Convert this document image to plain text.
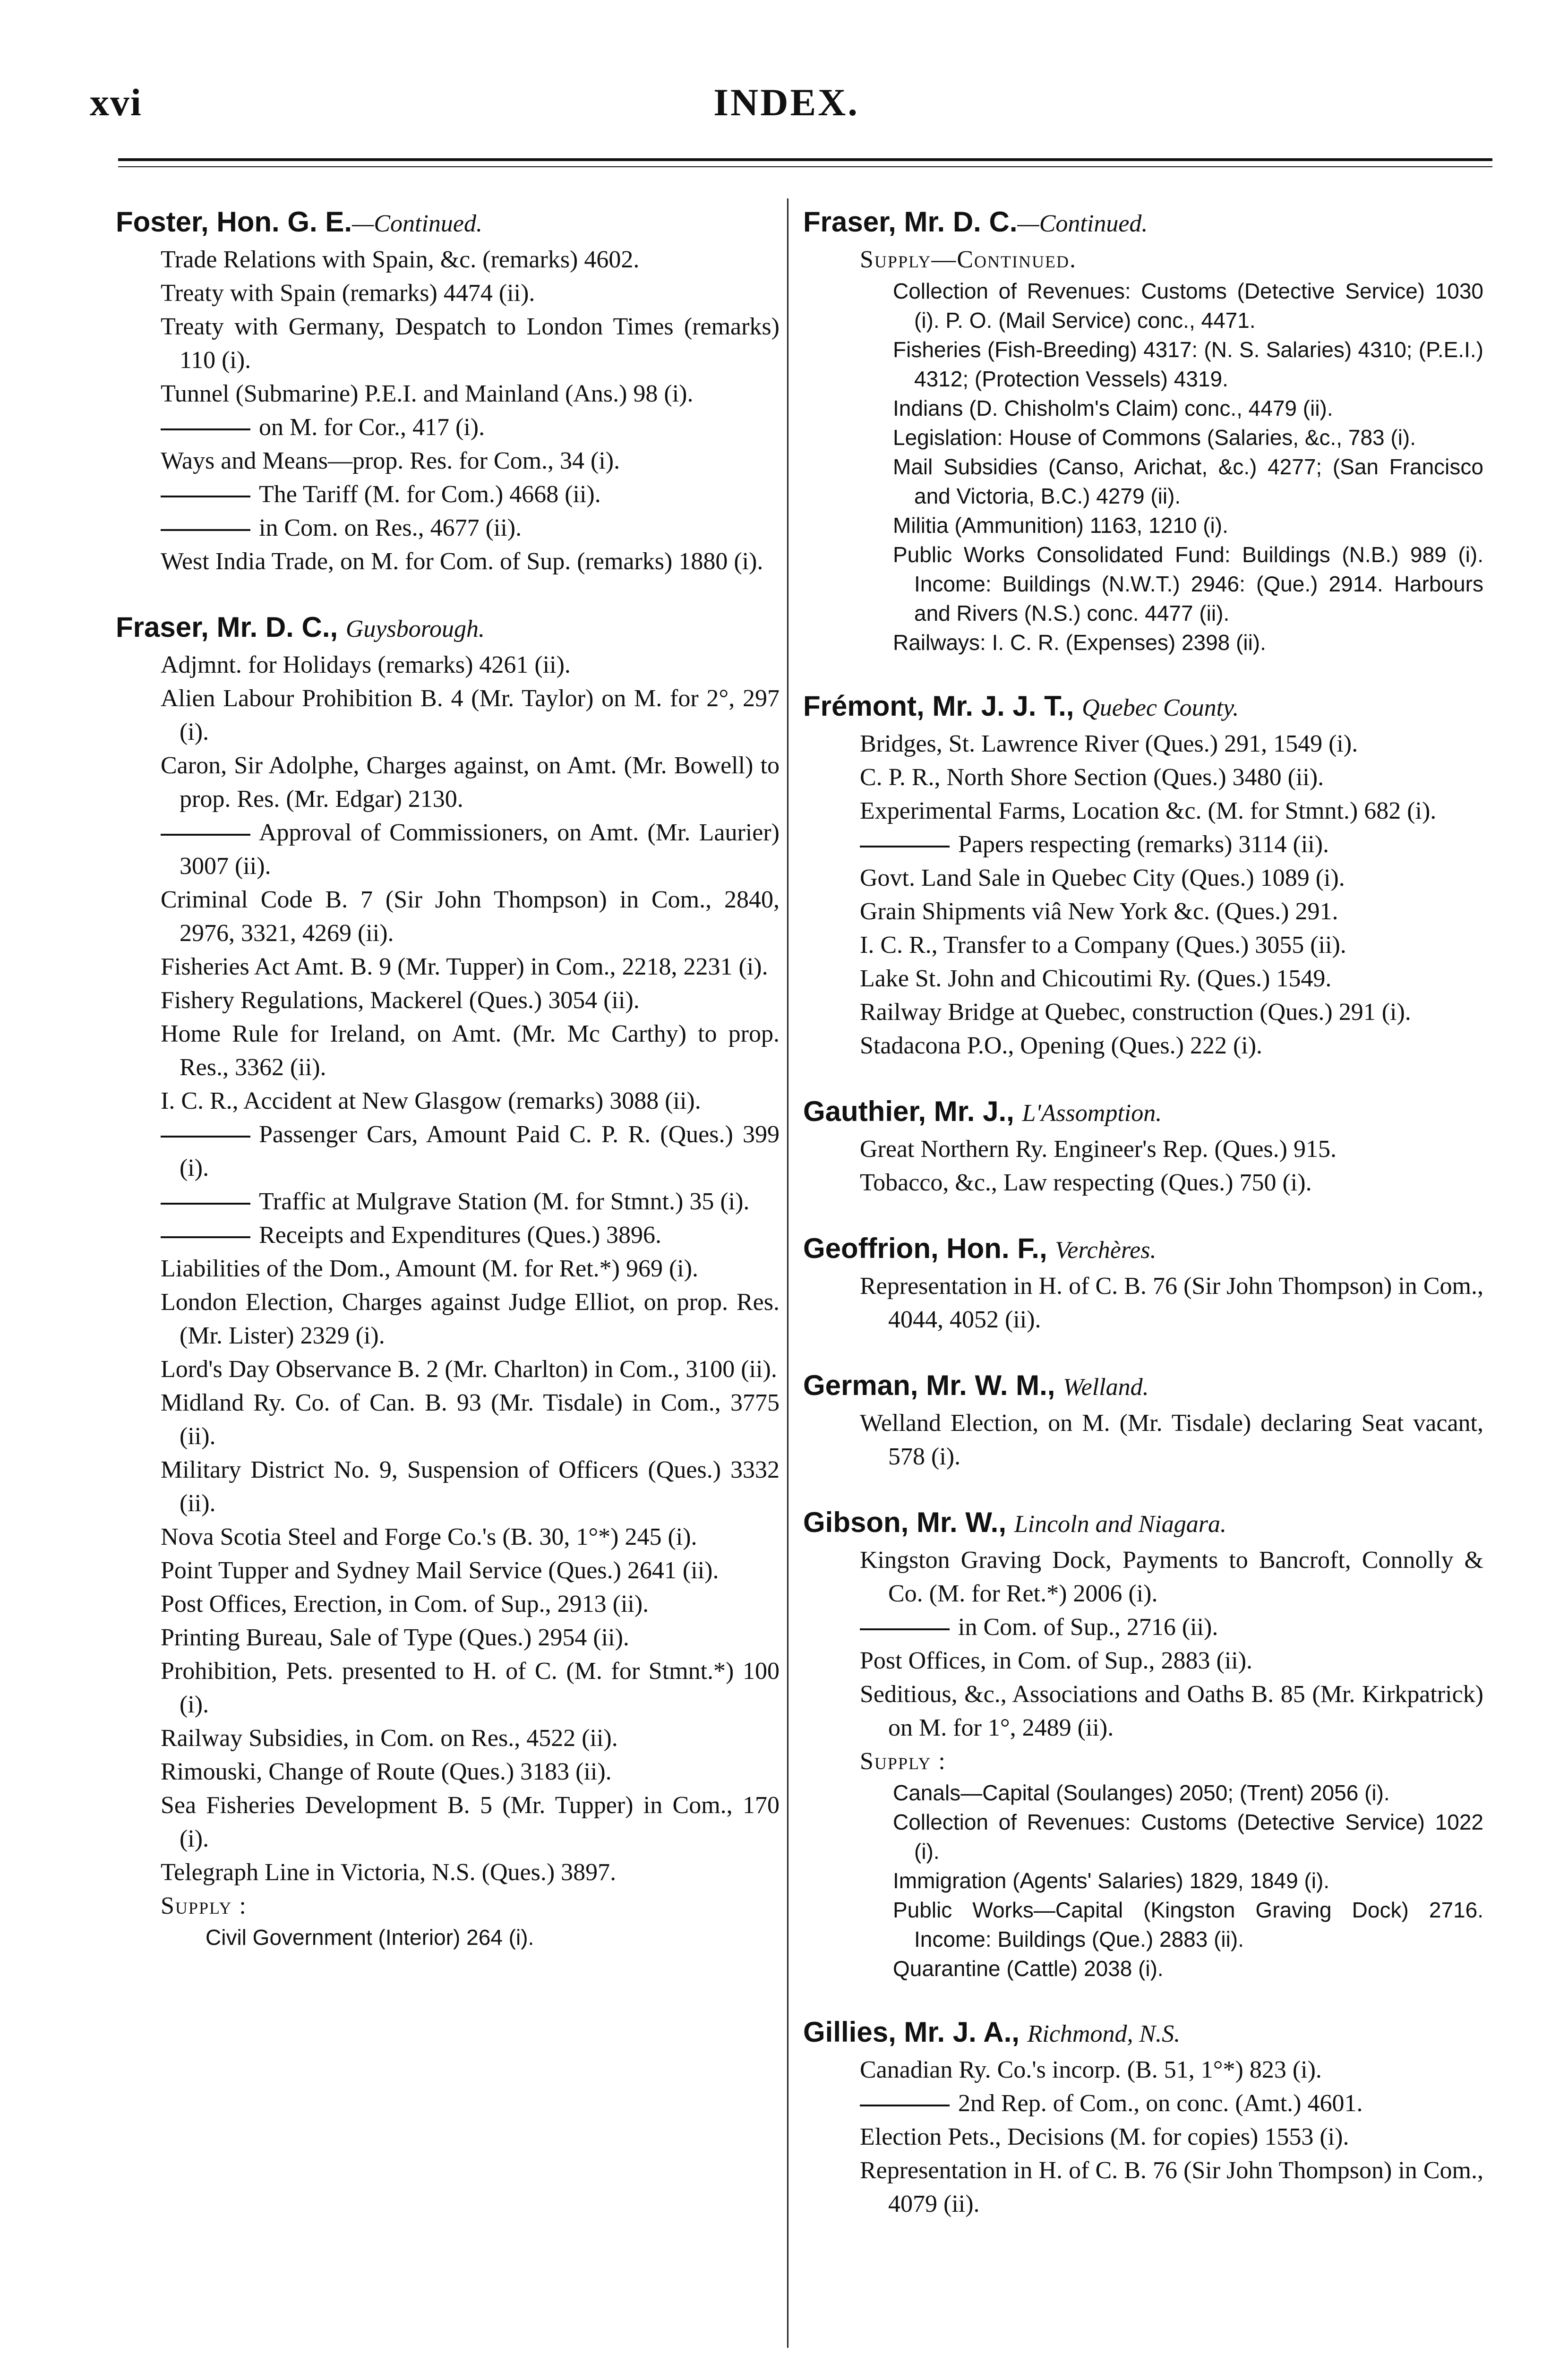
xvi	INDEX.
Foster, Hon. G. E.—Continued.
Trade Relations with Spain, &c. (remarks) 4602.
Treaty with Spain (remarks) 4474 (ii).
Treaty with Germany, Despatch to London Times (remarks) 110 (i).
Tunnel (Submarine) P.E.I. and Mainland (Ans.) 98 (i).
on M. for Cor., 417 (i).
Ways and Means—prop. Res. for Com., 34 (i).
The Tariff (M. for Com.) 4668 (ii).
in Com. on Res., 4677 (ii).
West India Trade, on M. for Com. of Sup. (remarks) 1880 (i).
Fraser, Mr. D. C., Guysborough.
Adjmnt. for Holidays (remarks) 4261 (ii).
Alien Labour Prohibition B. 4 (Mr. Taylor) on M. for 2°, 297 (i).
Caron, Sir Adolphe, Charges against, on Amt. (Mr. Bowell) to prop. Res. (Mr. Edgar) 2130.
Approval of Commissioners, on Amt. (Mr. Laurier) 3007 (ii).
Criminal Code B. 7 (Sir John Thompson) in Com., 2840, 2976, 3321, 4269 (ii).
Fisheries Act Amt. B. 9 (Mr. Tupper) in Com., 2218, 2231 (i).
Fishery Regulations, Mackerel (Ques.) 3054 (ii).
Home Rule for Ireland, on Amt. (Mr. Mc Carthy) to prop. Res., 3362 (ii).
I. C. R., Accident at New Glasgow (remarks) 3088 (ii).
Passenger Cars, Amount Paid C. P. R. (Ques.) 399 (i).
Traffic at Mulgrave Station (M. for Stmnt.) 35 (i).
Receipts and Expenditures (Ques.) 3896.
Liabilities of the Dom., Amount (M. for Ret.*) 969 (i).
London Election, Charges against Judge Elliot, on prop. Res. (Mr. Lister) 2329 (i).
Lord's Day Observance B. 2 (Mr. Charlton) in Com., 3100 (ii).
Midland Ry. Co. of Can. B. 93 (Mr. Tisdale) in Com., 3775 (ii).
Military District No. 9, Suspension of Officers (Ques.) 3332 (ii).
Nova Scotia Steel and Forge Co.'s (B. 30, 1°*) 245 (i).
Point Tupper and Sydney Mail Service (Ques.) 2641 (ii).
Post Offices, Erection, in Com. of Sup., 2913 (ii).
Printing Bureau, Sale of Type (Ques.) 2954 (ii).
Prohibition, Pets. presented to H. of C. (M. for Stmnt.*) 100 (i).
Railway Subsidies, in Com. on Res., 4522 (ii).
Rimouski, Change of Route (Ques.) 3183 (ii).
Sea Fisheries Development B. 5 (Mr. Tupper) in Com., 170 (i).
Telegraph Line in Victoria, N.S. (Ques.) 3897.
Supply :
Civil Government (Interior) 264 (i).
Fraser, Mr. D. C.—Continued.
Supply—Continued.
Collection of Revenues: Customs (Detective Service) 1030 (i). P. O. (Mail Service) conc., 4471.
Fisheries (Fish-Breeding) 4317: (N. S. Salaries) 4310; (P.E.I.) 4312; (Protection Vessels) 4319.
Indians (D. Chisholm's Claim) conc., 4479 (ii).
Legislation: House of Commons (Salaries, &c., 783 (i).
Mail Subsidies (Canso, Arichat, &c.) 4277; (San Francisco and Victoria, B.C.) 4279 (ii).
Militia (Ammunition) 1163, 1210 (i).
Public Works Consolidated Fund: Buildings (N.B.) 989 (i). Income: Buildings (N.W.T.) 2946: (Que.) 2914. Harbours and Rivers (N.S.) conc. 4477 (ii).
Railways: I. C. R. (Expenses) 2398 (ii).
Frémont, Mr. J. J. T., Quebec County.
Bridges, St. Lawrence River (Ques.) 291, 1549 (i).
C. P. R., North Shore Section (Ques.) 3480 (ii).
Experimental Farms, Location &c. (M. for Stmnt.) 682 (i).
Papers respecting (remarks) 3114 (ii).
Govt. Land Sale in Quebec City (Ques.) 1089 (i).
Grain Shipments viâ New York &c. (Ques.) 291.
I. C. R., Transfer to a Company (Ques.) 3055 (ii).
Lake St. John and Chicoutimi Ry. (Ques.) 1549.
Railway Bridge at Quebec, construction (Ques.) 291 (i).
Stadacona P.O., Opening (Ques.) 222 (i).
Gauthier, Mr. J., L'Assomption.
Great Northern Ry. Engineer's Rep. (Ques.) 915.
Tobacco, &c., Law respecting (Ques.) 750 (i).
Geoffrion, Hon. F., Verchères.
Representation in H. of C. B. 76 (Sir John Thompson) in Com., 4044, 4052 (ii).
German, Mr. W. M., Welland.
Welland Election, on M. (Mr. Tisdale) declaring Seat vacant, 578 (i).
Gibson, Mr. W., Lincoln and Niagara.
Kingston Graving Dock, Payments to Bancroft, Connolly & Co. (M. for Ret.*) 2006 (i).
in Com. of Sup., 2716 (ii).
Post Offices, in Com. of Sup., 2883 (ii).
Seditious, &c., Associations and Oaths B. 85 (Mr. Kirkpatrick) on M. for 1°, 2489 (ii).
Supply :
Canals—Capital (Soulanges) 2050; (Trent) 2056 (i).
Collection of Revenues: Customs (Detective Service) 1022 (i).
Immigration (Agents' Salaries) 1829, 1849 (i).
Public Works—Capital (Kingston Graving Dock) 2716. Income: Buildings (Que.) 2883 (ii).
Quarantine (Cattle) 2038 (i).
Gillies, Mr. J. A., Richmond, N.S.
Canadian Ry. Co.'s incorp. (B. 51, 1°*) 823 (i).
2nd Rep. of Com., on conc. (Amt.) 4601.
Election Pets., Decisions (M. for copies) 1553 (i).
Representation in H. of C. B. 76 (Sir John Thompson) in Com., 4079 (ii).
